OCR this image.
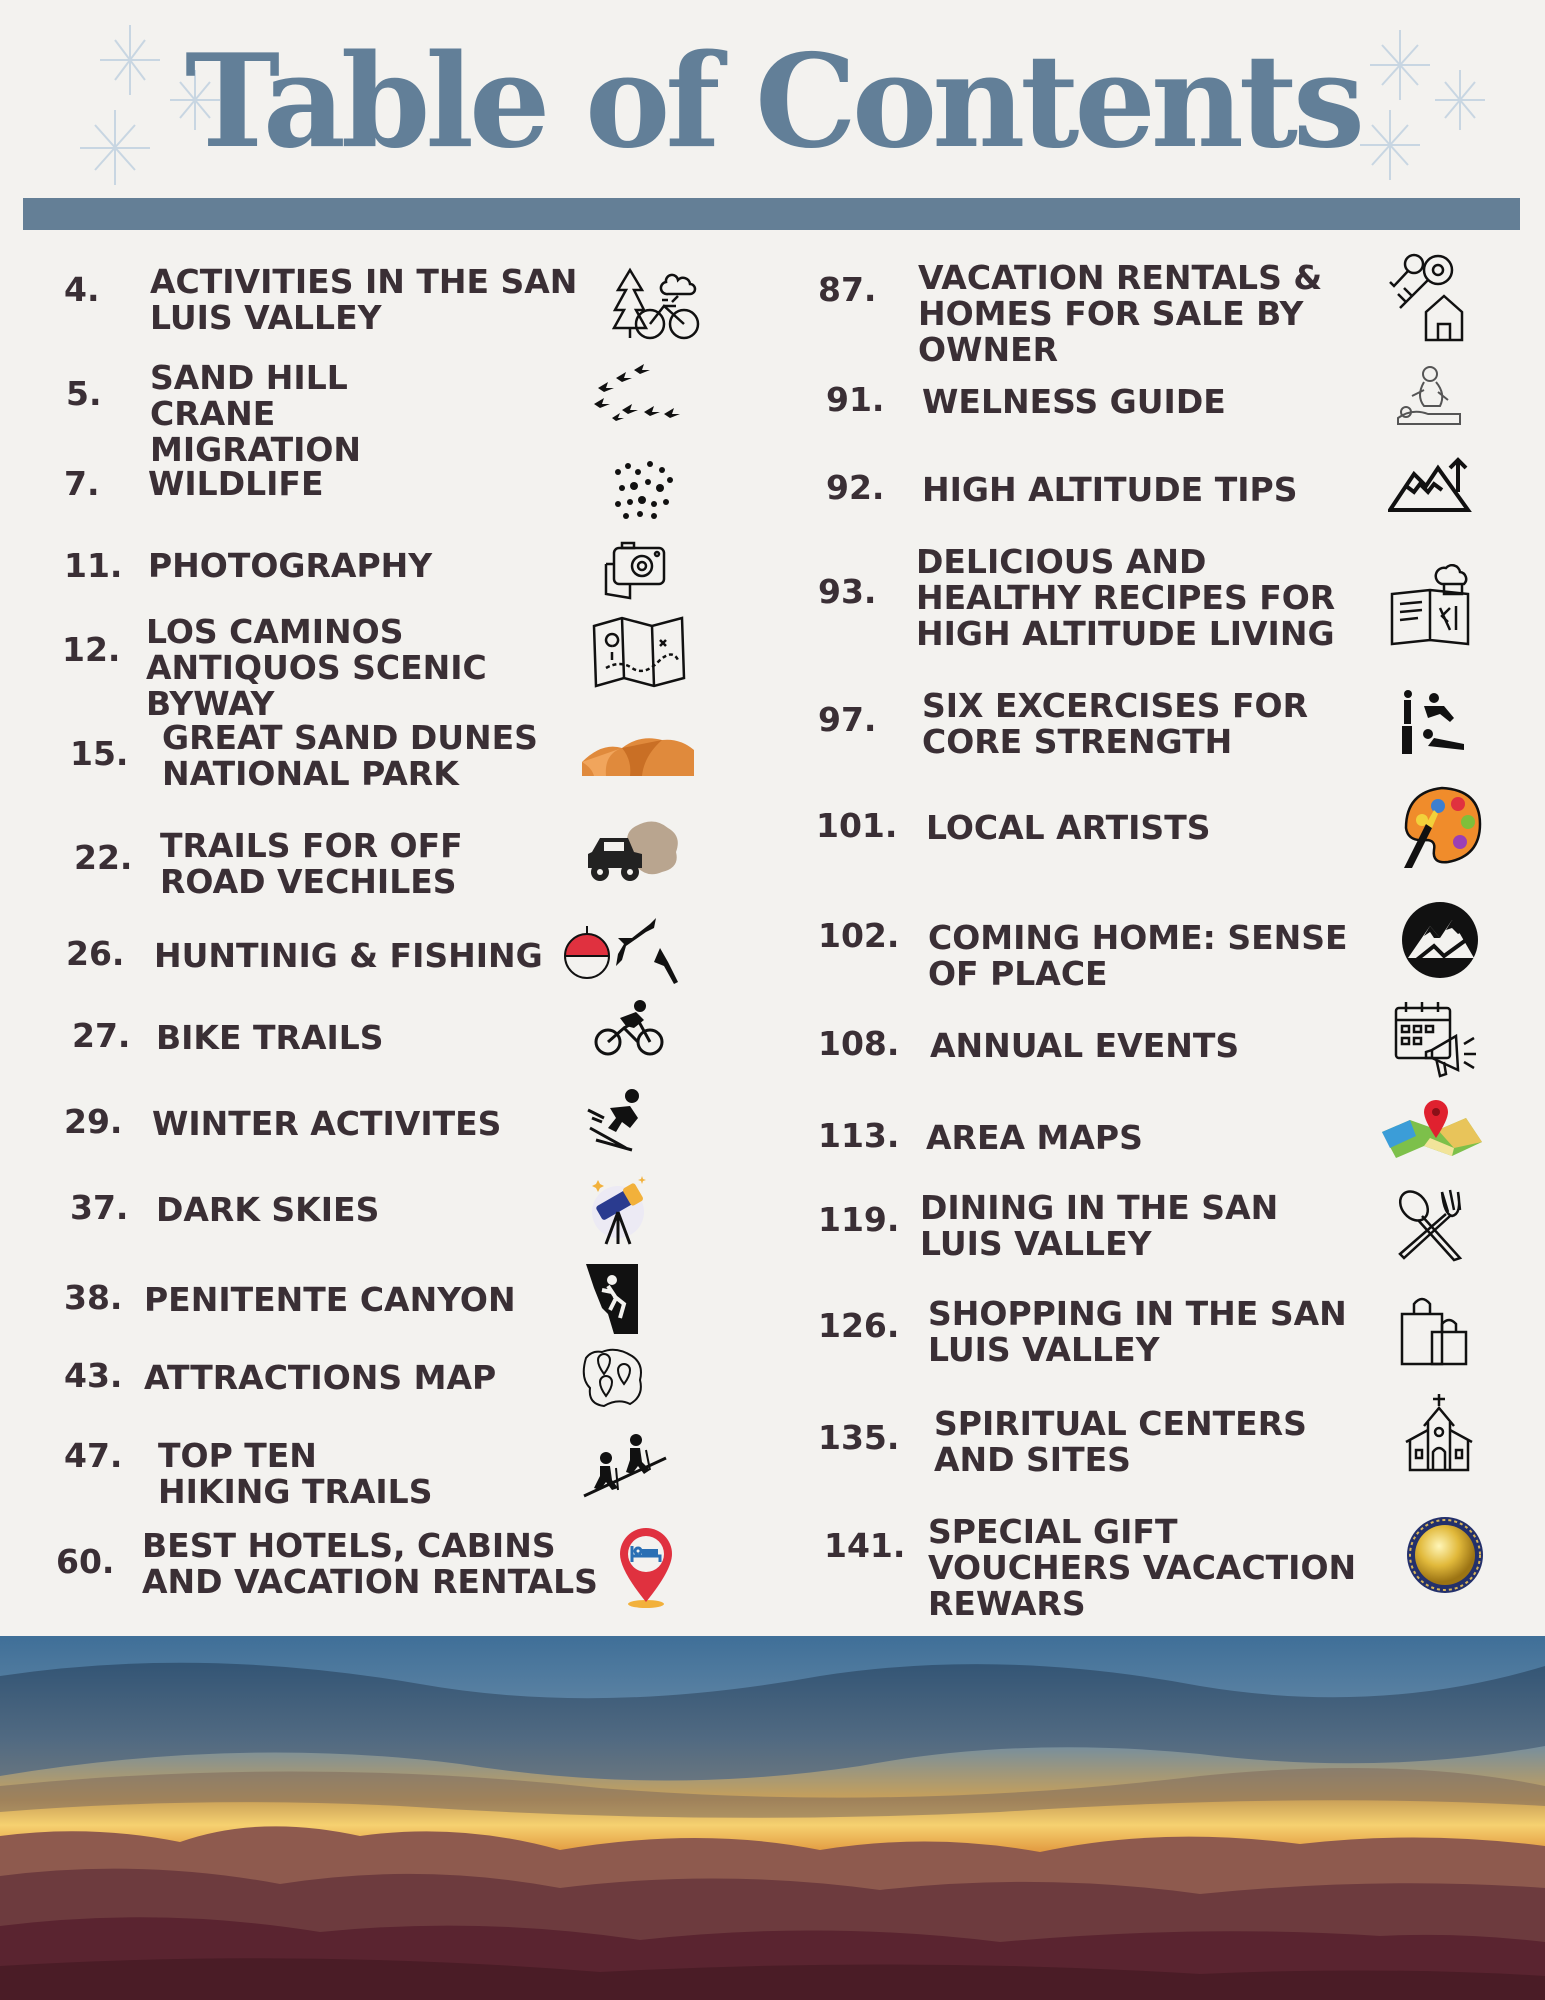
Table of Contents
4. ACTIVITIES IN THE SAN LUIS VALLEY
5. SAND HILL CRANE MIGRATION
7. WILDLIFE
11. PHOTOGRAPHY
12. LOS CAMINOS ANTIQUOS SCENIC BYWAY
15. GREAT SAND DUNES NATIONAL PARK
22. TRAILS FOR OFF ROAD VECHILES
26. HUNTINIG & FISHING
27. BIKE TRAILS
29. WINTER ACTIVITES
37. DARK SKIES
38. PENITENTE CANYON
43. ATTRACTIONS MAP
47. TOP TEN HIKING TRAILS
60. BEST HOTELS, CABINS AND VACATION RENTALS
87. VACATION RENTALS & HOMES FOR SALE BY OWNER
91. WELNESS GUIDE
92. HIGH ALTITUDE TIPS
93.
DELICIOUS AND HEALTHY RECIPES FOR HIGH ALTITUDE LIVING
97. SIX EXCERCISES FOR CORE STRENGTH
101. LOCAL ARTISTS
102. COMING HOME: SENSE OF PLACE
108. ANNUAL EVENTS
113. AREA MAPS
119. DINING IN THE SAN LUIS VALLEY
126. SHOPPING IN THE SAN LUIS VALLEY
135. SPIRITUAL CENTERS AND SITES
141. SPECIAL GIFT VOUCHERS VACACTION REWARS
